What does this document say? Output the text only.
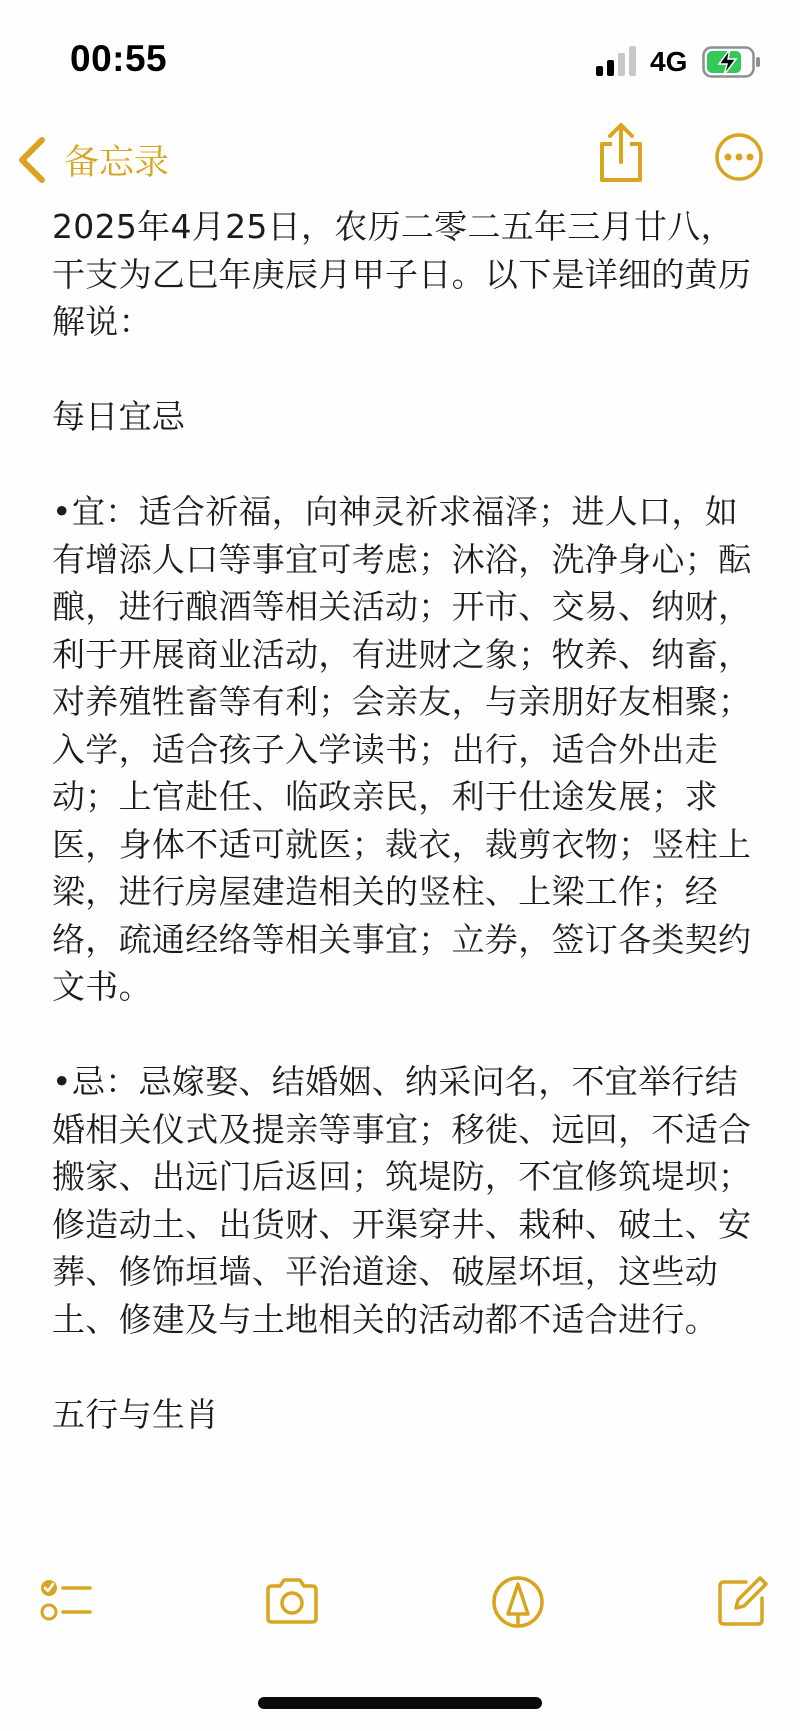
00:55	4G
备忘录

2025年4月25日，农历二零二五年三月廿八，干支为乙巳年庚辰月甲子日。以下是详细的黄历解说：

每日宜忌

•宜：适合祈福，向神灵祈求福泽；进人口，如有增添人口等事宜可考虑；沐浴，洗净身心；酝酿，进行酿酒等相关活动；开市、交易、纳财，利于开展商业活动，有进财之象；牧养、纳畜，对养殖牲畜等有利；会亲友，与亲朋好友相聚；入学，适合孩子入学读书；出行，适合外出走动；上官赴任、临政亲民，利于仕途发展；求医，身体不适可就医；裁衣，裁剪衣物；竖柱上梁，进行房屋建造相关的竖柱、上梁工作；经络，疏通经络等相关事宜；立券，签订各类契约文书。

•忌：忌嫁娶、结婚姻、纳采问名，不宜举行结婚相关仪式及提亲等事宜；移徙、远回，不适合搬家、出远门后返回；筑堤防，不宜修筑堤坝；修造动土、出货财、开渠穿井、栽种、破土、安葬、修饰垣墙、平治道途、破屋坏垣，这些动土、修建及与土地相关的活动都不适合进行。

五行与生肖
